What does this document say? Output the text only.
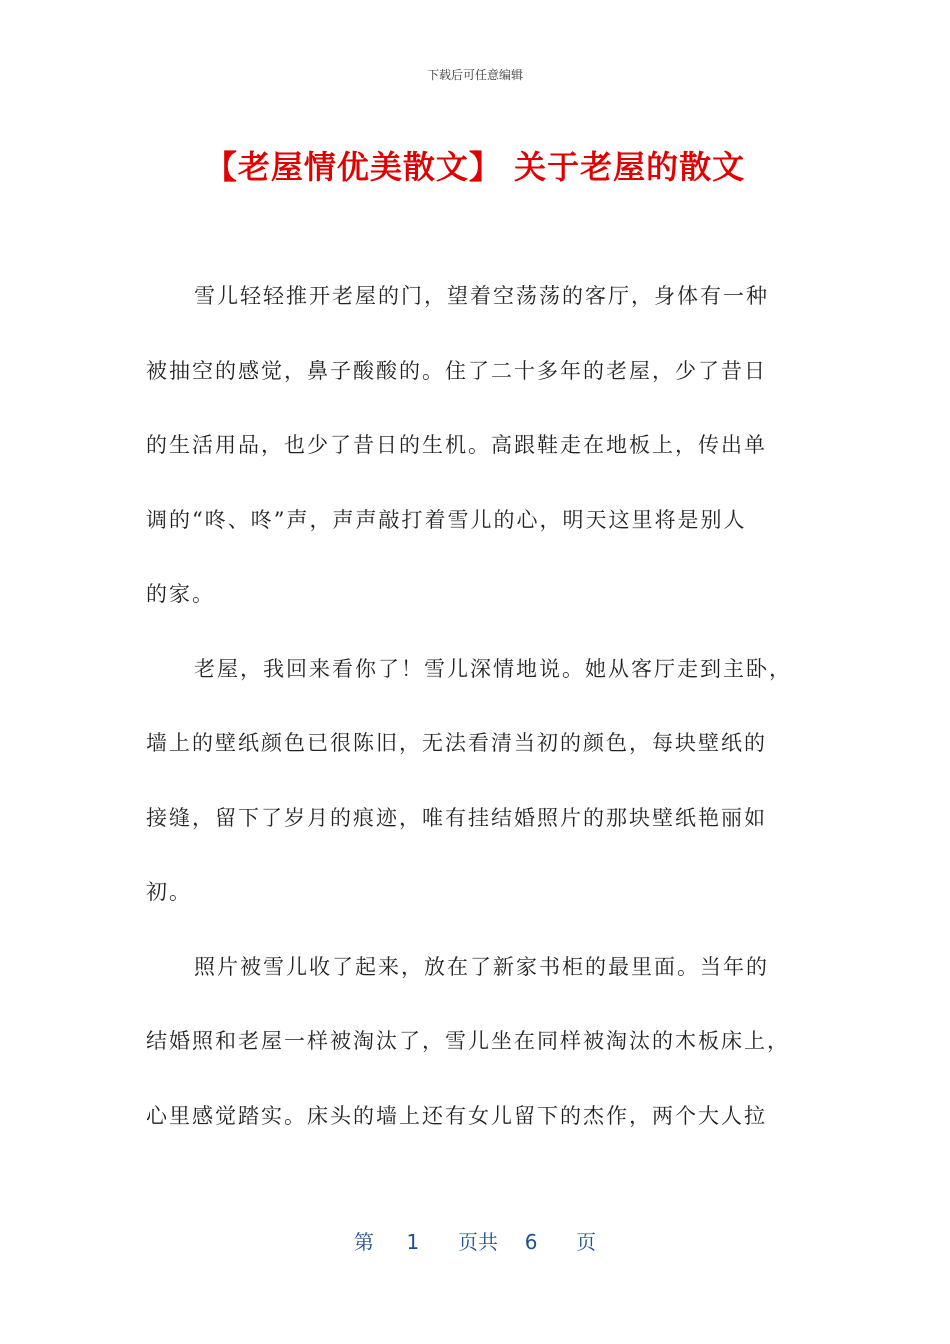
下载后可任意编辑
【老屋情优美散文】 关于老屋的散文
雪儿轻轻推开老屋的门，望着空荡荡的客厅，身体有一种
被抽空的感觉，鼻子酸酸的。住了二十多年的老屋，少了昔日
的生活用品，也少了昔日的生机。高跟鞋走在地板上，传出单
调的“咚、咚”声，声声敲打着雪儿的心，明天这里将是别人
的家。
老屋，我回来看你了！雪儿深情地说。她从客厅走到主卧，
墙上的壁纸颜色已很陈旧，无法看清当初的颜色，每块壁纸的
接缝，留下了岁月的痕迹，唯有挂结婚照片的那块壁纸艳丽如
初。
照片被雪儿收了起来，放在了新家书柜的最里面。当年的
结婚照和老屋一样被淘汰了，雪儿坐在同样被淘汰的木板床上，
心里感觉踏实。床头的墙上还有女儿留下的杰作，两个大人拉
第 1 页共 6 页
